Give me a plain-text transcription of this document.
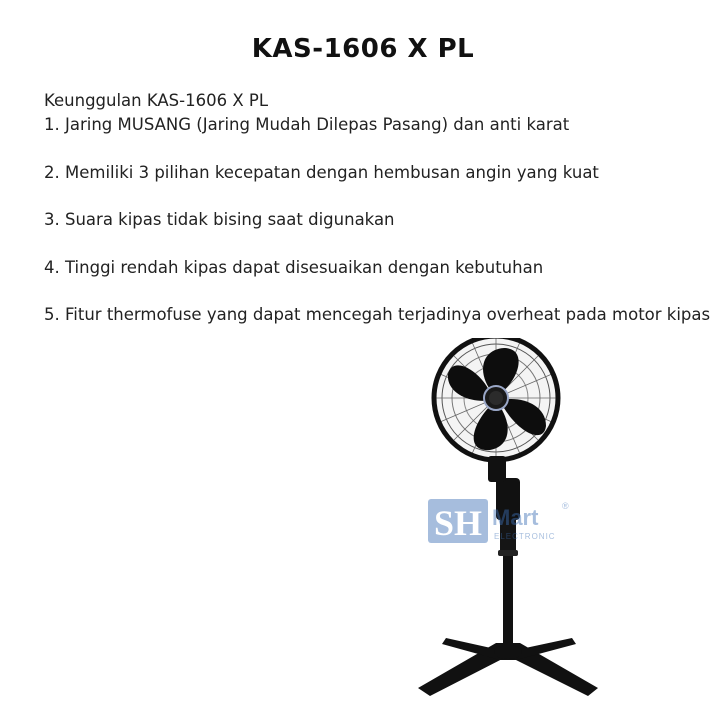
KAS-1606 X PL
Keunggulan KAS-1606 X PL
1. Jaring MUSANG (Jaring Mudah Dilepas Pasang) dan anti karat
2. Memiliki 3 pilihan kecepatan dengan hembusan angin yang kuat
3. Suara kipas tidak bising saat digunakan
4. Tinggi rendah kipas dapat disesuaikan dengan kebutuhan
5. Fitur thermofuse yang dapat mencegah terjadinya overheat pada motor kipas
SH Mart
ELECTRONIC
®
